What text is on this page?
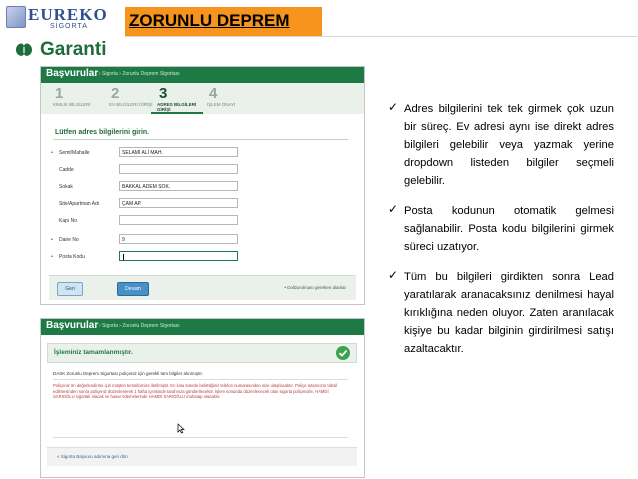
EUREKO
SİGORTA ZORUNLU DEPREM
Garanti
Başvurular › Sigorta › Zorunlu Deprem Sigortası
1
KİMLİK BİLGİLERİ
2
EV BİLGİLERİ GİRİŞİ
3
ADRES BİLGİLERİ GİRİŞİ
4
İŞLEM ONAYI
Lütfen adres bilgilerini girin.
• Semt/Mahalle	SELAMİ ALİ MAH.
Cadde
Sokak	BAKKAL ADEM SOK.
Site/Apartman Adı	ÇAM AP.
Kapı No
• Daire No	9
• Posta Kodu
Geri	Devam	• Doldurulması gereken alanlar
Başvurular › Sigorta › Zorunlu Deprem Sigortası
İşleminiz tamamlanmıştır.
DASK Zorunlu Deprem Sigortası poliçeniz için gerekli tüm bilgiler alınmıştır.
Poliçeniz ön değerlendirme için müşteri temsilcimize iletilmiştir. En kısa sürede belirttiğiniz telefon numarasından size ulaşılacaktır. Poliçe tutarınızın tahsil edilmesinden sonra poliçeniz düzenlenerek 1 hafta içerisinde tarafınıza gönderilecektir. İşlem sonunda düzenlenecek olan sigorta poliçenizle, HAMDİ SARIOĞLU sigortalı olacak ve hasar ödemelerinde HAMDİ SARIOĞLU muhatap olacaktır.
« Sigorta Başvuru adımına geri dön
✓ Adres bilgilerini tek tek girmek çok uzun bir süreç. Ev adresi aynı ise direkt adres bilgileri gelebilir veya yazmak yerine dropdown listeden bilgiler seçmeli gelebilir.

✓ Posta kodunun otomatik gelmesi sağlanabilir. Posta kodu bilgilerini girmek süreci uzatıyor.

✓ Tüm bu bilgileri girdikten sonra Lead yaratılarak aranacaksınız denilmesi hayal kırıklığına neden oluyor. Zaten aranılacak kişiye bu kadar bilginin girdirilmesi satışı azaltacaktır.
